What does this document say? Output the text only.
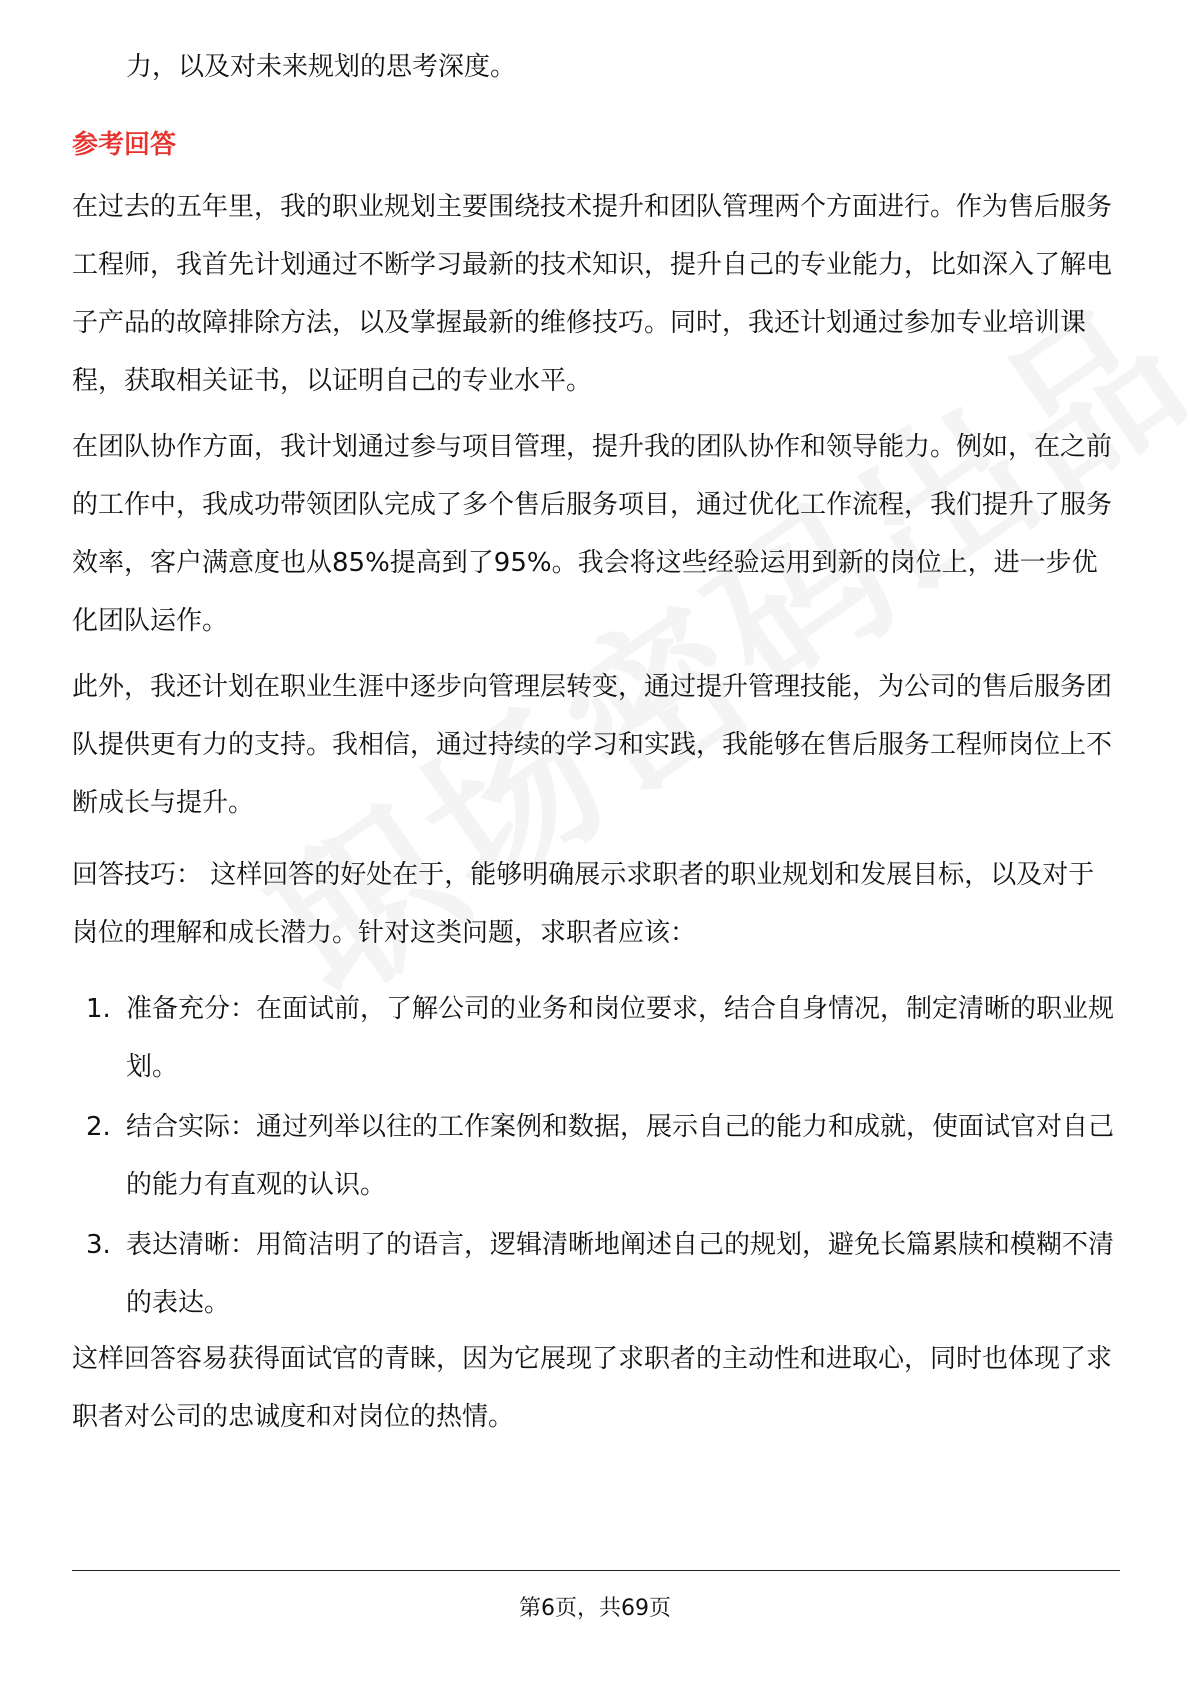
力，以及对未来规划的思考深度。

参考回答

在过去的五年里，我的职业规划主要围绕技术提升和团队管理两个方面进行。作为售后服务工程师，我首先计划通过不断学习最新的技术知识，提升自己的专业能力，比如深入了解电子产品的故障排除方法，以及掌握最新的维修技巧。同时，我还计划通过参加专业培训课程，获取相关证书，以证明自己的专业水平。

在团队协作方面，我计划通过参与项目管理，提升我的团队协作和领导能力。例如，在之前的工作中，我成功带领团队完成了多个售后服务项目，通过优化工作流程，我们提升了服务效率，客户满意度也从85%提高到了95%。我会将这些经验运用到新的岗位上，进一步优化团队运作。

此外，我还计划在职业生涯中逐步向管理层转变，通过提升管理技能，为公司的售后服务团队提供更有力的支持。我相信，通过持续的学习和实践，我能够在售后服务工程师岗位上不断成长与提升。

回答技巧： 这样回答的好处在于，能够明确展示求职者的职业规划和发展目标，以及对于岗位的理解和成长潜力。针对这类问题，求职者应该：

1. 准备充分：在面试前，了解公司的业务和岗位要求，结合自身情况，制定清晰的职业规划。
2. 结合实际：通过列举以往的工作案例和数据，展示自己的能力和成就，使面试官对自己的能力有直观的认识。
3. 表达清晰：用简洁明了的语言，逻辑清晰地阐述自己的规划，避免长篇累牍和模糊不清的表达。

这样回答容易获得面试官的青睐，因为它展现了求职者的主动性和进取心，同时也体现了求职者对公司的忠诚度和对岗位的热情。

第6页，共69页
